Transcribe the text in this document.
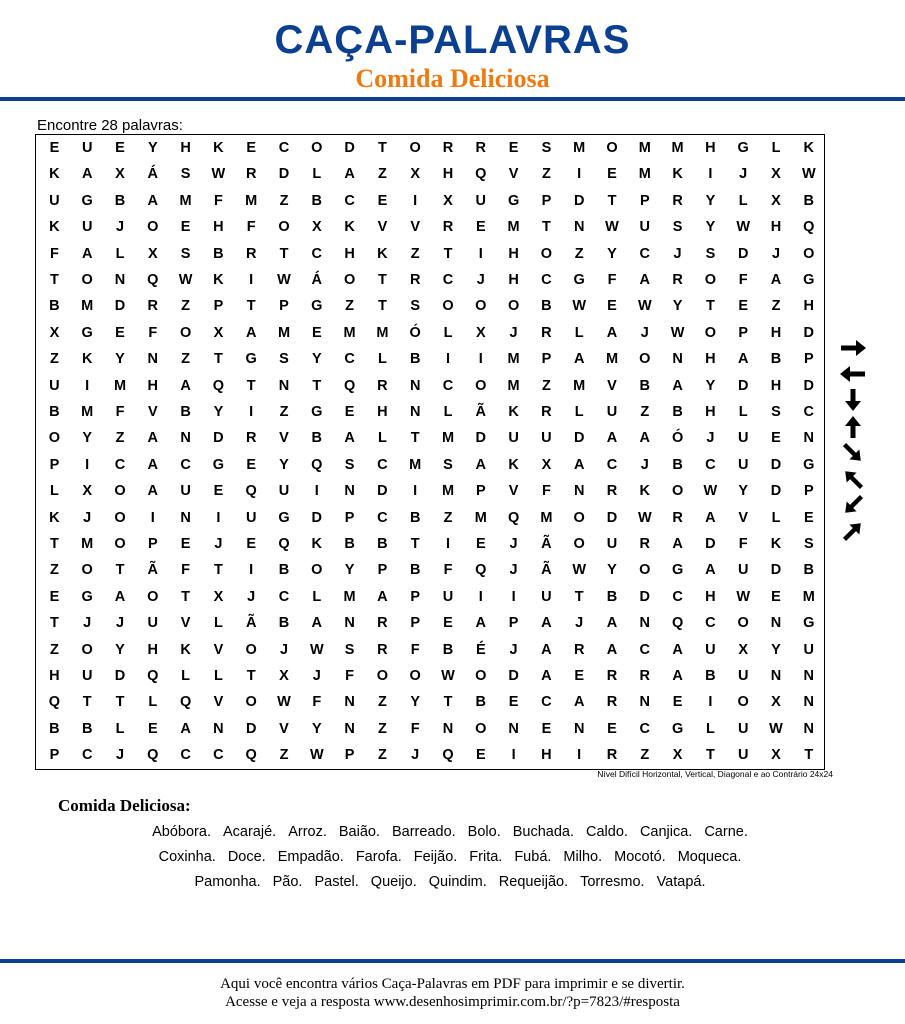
CAÇA-PALAVRAS
Comida Deliciosa
Encontre 28 palavras:
E	U	E	Y	H	K	E	C	O	D	T	O	R	R	E	S	M	O	M	M	H	G	L	K
K	A	X	Á	S	W	R	D	L	A	Z	X	H	Q	V	Z	I	E	M	K	I	J	X	W
U	G	B	A	M	F	M	Z	B	C	E	I	X	U	G	P	D	T	P	R	Y	L	X	B
K	U	J	O	E	H	F	O	X	K	V	V	R	E	M	T	N	W	U	S	Y	W	H	Q
F	A	L	X	S	B	R	T	C	H	K	Z	T	I	H	O	Z	Y	C	J	S	D	J	O
T	O	N	Q	W	K	I	W	Á	O	T	R	C	J	H	C	G	F	A	R	O	F	A	G
B	M	D	R	Z	P	T	P	G	Z	T	S	O	O	O	B	W	E	W	Y	T	E	Z	H
X	G	E	F	O	X	A	M	E	M	M	Ó	L	X	J	R	L	A	J	W	O	P	H	D
Z	K	Y	N	Z	T	G	S	Y	C	L	B	I	I	M	P	A	M	O	N	H	A	B	P
U	I	M	H	A	Q	T	N	T	Q	R	N	C	O	M	Z	M	V	B	A	Y	D	H	D
B	M	F	V	B	Y	I	Z	G	E	H	N	L	Ã	K	R	L	U	Z	B	H	L	S	C
O	Y	Z	A	N	D	R	V	B	A	L	T	M	D	U	U	D	A	A	Ó	J	U	E	N
P	I	C	A	C	G	E	Y	Q	S	C	M	S	A	K	X	A	C	J	B	C	U	D	G
L	X	O	A	U	E	Q	U	I	N	D	I	M	P	V	F	N	R	K	O	W	Y	D	P
K	J	O	I	N	I	U	G	D	P	C	B	Z	M	Q	M	O	D	W	R	A	V	L	E
T	M	O	P	E	J	E	Q	K	B	B	T	I	E	J	Ã	O	U	R	A	D	F	K	S
Z	O	T	Ã	F	T	I	B	O	Y	P	B	F	Q	J	Ã	W	Y	O	G	A	U	D	B
E	G	A	O	T	X	J	C	L	M	A	P	U	I	I	U	T	B	D	C	H	W	E	M
T	J	J	U	V	L	Ã	B	A	N	R	P	E	A	P	A	J	A	N	Q	C	O	N	G
Z	O	Y	H	K	V	O	J	W	S	R	F	B	É	J	A	R	A	C	A	U	X	Y	U
H	U	D	Q	L	L	T	X	J	F	O	O	W	O	D	A	E	R	R	A	B	U	N	N
Q	T	T	L	Q	V	O	W	F	N	Z	Y	T	B	E	C	A	R	N	E	I	O	X	N
B	B	L	E	A	N	D	V	Y	N	Z	F	N	O	N	E	N	E	C	G	L	U	W	N
P	C	J	Q	C	C	Q	Z	W	P	Z	J	Q	E	I	H	I	R	Z	X	T	U	X	T
Nível Difícil Horizontal, Vertical, Diagonal e ao Contrário 24x24
Comida Deliciosa:
Abóbora. Acarajé. Arroz. Baião. Barreado. Bolo. Buchada. Caldo. Canjica. Carne.
Coxinha. Doce. Empadão. Farofa. Feijão. Frita. Fubá. Milho. Mocotó. Moqueca.
Pamonha. Pão. Pastel. Queijo. Quindim. Requeijão. Torresmo. Vatapá.
Aqui você encontra vários Caça-Palavras em PDF para imprimir e se divertir.
Acesse e veja a resposta www.desenhosimprimir.com.br/?p=7823/#resposta
